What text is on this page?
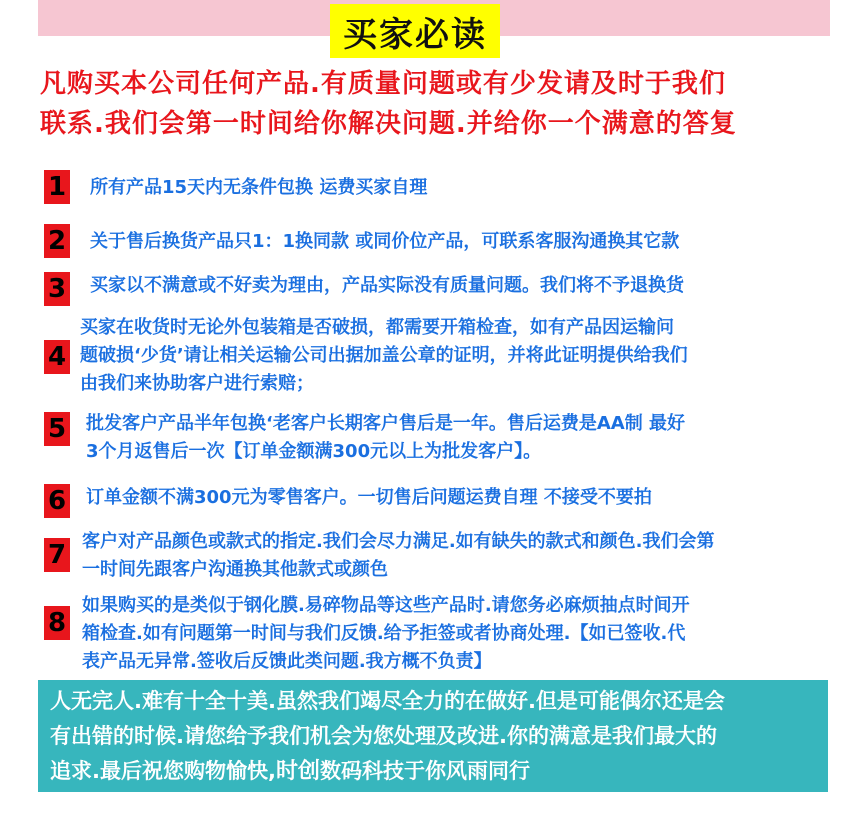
买家必读
凡购买本公司任何产品.有质量问题或有少发请及时于我们
联系.我们会第一时间给你解决问题.并给你一个满意的答复
1 所有产品15天内无条件包换 运费买家自理
2 关于售后换货产品只1：1换同款 或同价位产品，可联系客服沟通换其它款
3 买家以不满意或不好卖为理由，产品实际没有质量问题。我们将不予退换货
4
买家在收货时无论外包装箱是否破损，都需要开箱检查，如有产品因运输问
题破损‘少货’请让相关运输公司出据加盖公章的证明，并将此证明提供给我们
由我们来协助客户进行索赔；
5 批发客户产品半年包换‘老客户长期客户售后是一年。售后运费是AA制 最好
3个月返售后一次【订单金额满300元以上为批发客户】。
6 订单金额不满300元为零售客户。一切售后问题运费自理 不接受不要拍
7 客户对产品颜色或款式的指定.我们会尽力满足.如有缺失的款式和颜色.我们会第
一时间先跟客户沟通换其他款式或颜色
8
如果购买的是类似于钢化膜.易碎物品等这些产品时.请您务必麻烦抽点时间开
箱检查.如有问题第一时间与我们反馈.给予拒签或者协商处理.【如已签收.代
表产品无异常.签收后反馈此类问题.我方概不负责】
人无完人.难有十全十美.虽然我们竭尽全力的在做好.但是可能偶尔还是会
有出错的时候.请您给予我们机会为您处理及改进.你的满意是我们最大的
追求.最后祝您购物愉快,时创数码科技于你风雨同行
